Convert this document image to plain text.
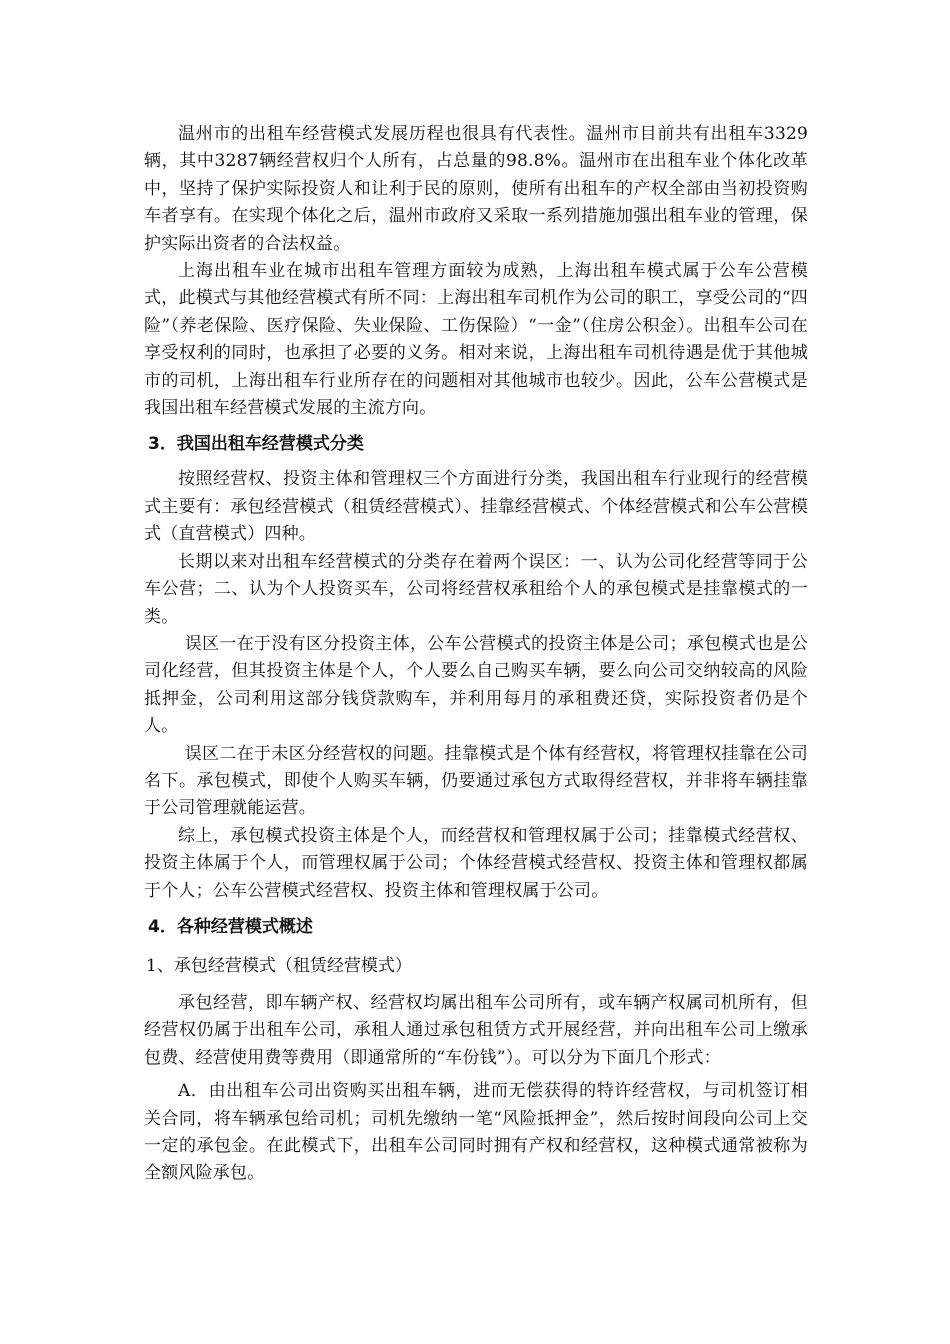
温州市的出租车经营模式发展历程也很具有代表性。温州市目前共有出租车3329辆，其中3287辆经营权归个人所有，占总量的98.8%。温州市在出租车业个体化改革中，坚持了保护实际投资人和让利于民的原则，使所有出租车的产权全部由当初投资购车者享有。在实现个体化之后，温州市政府又采取一系列措施加强出租车业的管理，保护实际出资者的合法权益。

上海出租车业在城市出租车管理方面较为成熟，上海出租车模式属于公车公营模式，此模式与其他经营模式有所不同：上海出租车司机作为公司的职工，享受公司的“四险”（养老保险、医疗保险、失业保险、工伤保险）“一金”（住房公积金）。出租车公司在享受权利的同时，也承担了必要的义务。相对来说，上海出租车司机待遇是优于其他城市的司机，上海出租车行业所存在的问题相对其他城市也较少。因此，公车公营模式是我国出租车经营模式发展的主流方向。

3．我国出租车经营模式分类

按照经营权、投资主体和管理权三个方面进行分类，我国出租车行业现行的经营模式主要有：承包经营模式（租赁经营模式）、挂靠经营模式、个体经营模式和公车公营模式（直营模式）四种。

长期以来对出租车经营模式的分类存在着两个误区：一、认为公司化经营等同于公车公营；二、认为个人投资买车，公司将经营权承租给个人的承包模式是挂靠模式的一类。

误区一在于没有区分投资主体，公车公营模式的投资主体是公司；承包模式也是公司化经营，但其投资主体是个人，个人要么自己购买车辆，要么向公司交纳较高的风险抵押金，公司利用这部分钱贷款购车，并利用每月的承租费还贷，实际投资者仍是个人。

误区二在于未区分经营权的问题。挂靠模式是个体有经营权，将管理权挂靠在公司名下。承包模式，即使个人购买车辆，仍要通过承包方式取得经营权，并非将车辆挂靠于公司管理就能运营。

综上，承包模式投资主体是个人，而经营权和管理权属于公司；挂靠模式经营权、投资主体属于个人，而管理权属于公司；个体经营模式经营权、投资主体和管理权都属于个人；公车公营模式经营权、投资主体和管理权属于公司。

4．各种经营模式概述
1、承包经营模式（租赁经营模式）

承包经营，即车辆产权、经营权均属出租车公司所有，或车辆产权属司机所有，但经营权仍属于出租车公司，承租人通过承包租赁方式开展经营，并向出租车公司上缴承包费、经营使用费等费用（即通常所的“车份钱”）。可以分为下面几个形式：

A．由出租车公司出资购买出租车辆，进而无偿获得的特许经营权，与司机签订相关合同，将车辆承包给司机；司机先缴纳一笔“风险抵押金”，然后按时间段向公司上交一定的承包金。在此模式下，出租车公司同时拥有产权和经营权，这种模式通常被称为全额风险承包。
